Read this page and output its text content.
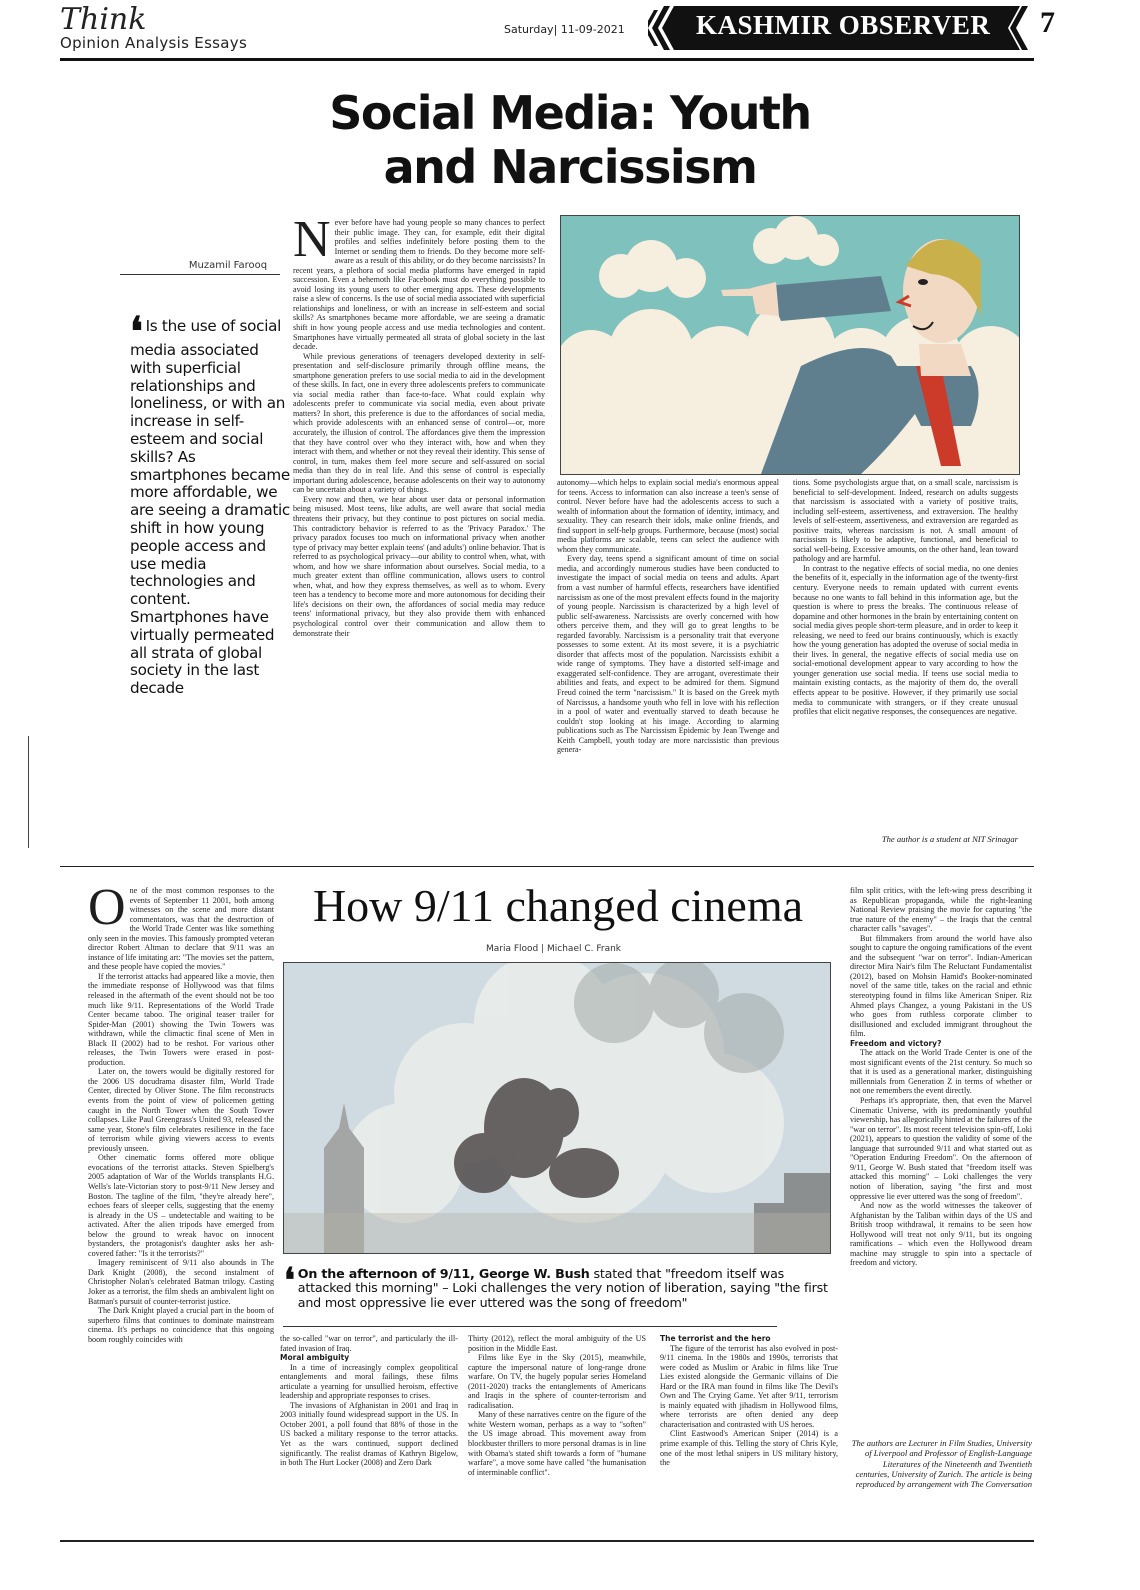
Think
Opinion Analysis Essays
Saturday| 11-09-2021	KASHMIR OBSERVER 7
Social Media: Youth and Narcissism
Muzamil Farooq
❛ Is the use of social media associated with superficial relationships and loneliness, or with an increase in self-esteem and social skills? As smartphones became more affordable, we are seeing a dramatic shift in how young people access and use media technologies and content. Smartphones have virtually permeated all strata of global society in the last decade

Never before have had young people so many chances to perfect their public image. They can, for example, edit their digital profiles and selfies indefinitely before posting them to the Internet or sending them to friends. Do they become more self-aware as a result of this ability, or do they become narcissists? In recent years, a plethora of social media platforms have emerged in rapid succession. Even a behemoth like Facebook must do everything possible to avoid losing its young users to other emerging apps. These developments raise a slew of concerns. Is the use of social media associated with superficial relationships and loneliness, or with an increase in self-esteem and social skills? As smartphones became more affordable, we are seeing a dramatic shift in how young people access and use media technologies and content. Smartphones have virtually permeated all strata of global society in the last decade.

While previous generations of teenagers developed dexterity in self-presentation and self-disclosure primarily through offline means, the smartphone generation prefers to use social media to aid in the development of these skills. In fact, one in every three adolescents prefers to communicate via social media rather than face-to-face. What could explain why adolescents prefer to communicate via social media, even about private matters? In short, this preference is due to the affordances of social media, which provide adolescents with an enhanced sense of control—or, more accurately, the illusion of control. The affordances give them the impression that they have control over who they interact with, how and when they interact with them, and whether or not they reveal their identity. This sense of control, in turn, makes them feel more secure and self-assured on social media than they do in real life. And this sense of control is especially important during adolescence, because adolescents on their way to autonomy can be uncertain about a variety of things.

Every now and then, we hear about user data or personal information being misused. Most teens, like adults, are well aware that social media threatens their privacy, but they continue to post pictures on social media. This contradictory behavior is referred to as the 'Privacy Paradox.' The privacy paradox focuses too much on informational privacy when another type of privacy may better explain teens' (and adults') online behavior. That is referred to as psychological privacy—our ability to control when, what, with whom, and how we share information about ourselves. Social media, to a much greater extent than offline communication, allows users to control when, what, and how they express themselves, as well as to whom. Every teen has a tendency to become more and more autonomous for deciding their life's decisions on their own, the affordances of social media may reduce teens' informational privacy, but they also provide them with enhanced psychological control over their communication and allow them to demonstrate their

autonomy—which helps to explain social media's enormous appeal for teens. Access to information can also increase a teen's sense of control. Never before have had the adolescents access to such a wealth of information about the formation of identity, intimacy, and sexuality. They can research their idols, make online friends, and find support in self-help groups. Furthermore, because (most) social media platforms are scalable, teens can select the audience with whom they communicate.

Every day, teens spend a significant amount of time on social media, and accordingly numerous studies have been conducted to investigate the impact of social media on teens and adults. Apart from a vast number of harmful effects, researchers have identified narcissism as one of the most prevalent effects found in the majority of young people. Narcissism is characterized by a high level of public self-awareness. Narcissists are overly concerned with how others perceive them, and they will go to great lengths to be regarded favorably. Narcissism is a personality trait that everyone possesses to some extent. At its most severe, it is a psychiatric disorder that affects most of the population. Narcissists exhibit a wide range of symptoms. They have a distorted self-image and exaggerated self-confidence. They are arrogant, overestimate their abilities and feats, and expect to be admired for them. Sigmund Freud coined the term "narcissism." It is based on the Greek myth of Narcissus, a handsome youth who fell in love with his reflection in a pool of water and eventually starved to death because he couldn't stop looking at his image. According to alarming publications such as The Narcissism Epidemic by Jean Twenge and Keith Campbell, youth today are more narcissistic than previous genera-

tions. Some psychologists argue that, on a small scale, narcissism is beneficial to self-development. Indeed, research on adults suggests that narcissism is associated with a variety of positive traits, including self-esteem, assertiveness, and extraversion. The healthy levels of self-esteem, assertiveness, and extraversion are regarded as positive traits, whereas narcissism is not. A small amount of narcissism is likely to be adaptive, functional, and beneficial to social well-being. Excessive amounts, on the other hand, lean toward pathology and are harmful.

In contrast to the negative effects of social media, no one denies the benefits of it, especially in the information age of the twenty-first century. Everyone needs to remain updated with current events because no one wants to fall behind in this information age, but the question is where to press the breaks. The continuous release of dopamine and other hormones in the brain by entertaining content on social media gives people short-term pleasure, and in order to keep it releasing, we need to feed our brains continuously, which is exactly how the young generation has adopted the overuse of social media in their lives. In general, the negative effects of social media use on social-emotional development appear to vary according to how the younger generation use social media. If teens use social media to maintain existing contacts, as the majority of them do, the overall effects appear to be positive. However, if they primarily use social media to communicate with strangers, or if they create unusual profiles that elicit negative responses, the consequences are negative.

The author is a student at NIT Srinagar
How 9/11 changed cinema
Maria Flood | Michael C. Frank

One of the most common responses to the events of September 11 2001, both among witnesses on the scene and more distant commentators, was that the destruction of the World Trade Center was like something only seen in the movies. This famously prompted veteran director Robert Altman to declare that 9/11 was an instance of life imitating art: "The movies set the pattern, and these people have copied the movies."

If the terrorist attacks had appeared like a movie, then the immediate response of Hollywood was that films released in the aftermath of the event should not be too much like 9/11. Representations of the World Trade Center became taboo. The original teaser trailer for Spider-Man (2001) showing the Twin Towers was withdrawn, while the climactic final scene of Men in Black II (2002) had to be reshot. For various other releases, the Twin Towers were erased in post-production.

Later on, the towers would be digitally restored for the 2006 US docudrama disaster film, World Trade Center, directed by Oliver Stone. The film reconstructs events from the point of view of policemen getting caught in the North Tower when the South Tower collapses. Like Paul Greengrass's United 93, released the same year, Stone's film celebrates resilience in the face of terrorism while giving viewers access to events previously unseen.

Other cinematic forms offered more oblique evocations of the terrorist attacks. Steven Spielberg's 2005 adaptation of War of the Worlds transplants H.G. Wells's late-Victorian story to post-9/11 New Jersey and Boston. The tagline of the film, "they're already here", echoes fears of sleeper cells, suggesting that the enemy is already in the US – undetectable and waiting to be activated. After the alien tripods have emerged from below the ground to wreak havoc on innocent bystanders, the protagonist's daughter asks her ash-covered father: "Is it the terrorists?"

Imagery reminiscent of 9/11 also abounds in The Dark Knight (2008), the second instalment of Christopher Nolan's celebrated Batman trilogy. Casting Joker as a terrorist, the film sheds an ambivalent light on Batman's pursuit of counter-terrorist justice.

The Dark Knight played a crucial part in the boom of superhero films that continues to dominate mainstream cinema. It's perhaps no coincidence that this ongoing boom roughly coincides with

❛ On the afternoon of 9/11, George W. Bush stated that "freedom itself was attacked this morning" – Loki challenges the very notion of liberation, saying "the first and most oppressive lie ever uttered was the song of freedom"

the so-called "war on terror", and particularly the ill-fated invasion of Iraq.

Moral ambiguity

In a time of increasingly complex geopolitical entanglements and moral failings, these films articulate a yearning for unsullied heroism, effective leadership and appropriate responses to crises.

The invasions of Afghanistan in 2001 and Iraq in 2003 initially found widespread support in the US. In October 2001, a poll found that 88% of those in the US backed a military response to the terror attacks. Yet as the wars continued, support declined significantly. The realist dramas of Kathryn Bigelow, in both The Hurt Locker (2008) and Zero Dark

Thirty (2012), reflect the moral ambiguity of the US position in the Middle East.

Films like Eye in the Sky (2015), meanwhile, capture the impersonal nature of long-range drone warfare. On TV, the hugely popular series Homeland (2011-2020) tracks the entanglements of Americans and Iraqis in the sphere of counter-terrorism and radicalisation.

Many of these narratives centre on the figure of the white Western woman, perhaps as a way to "soften" the US image abroad. This movement away from blockbuster thrillers to more personal dramas is in line with Obama's stated shift towards a form of "humane warfare", a move some have called "the humanisation of interminable conflict".

The terrorist and the hero

The figure of the terrorist has also evolved in post-9/11 cinema. In the 1980s and 1990s, terrorists that were coded as Muslim or Arabic in films like True Lies existed alongside the Germanic villains of Die Hard or the IRA man found in films like The Devil's Own and The Crying Game. Yet after 9/11, terrorism is mainly equated with jihadism in Hollywood films, where terrorists are often denied any deep characterisation and contrasted with US heroes.

Clint Eastwood's American Sniper (2014) is a prime example of this. Telling the story of Chris Kyle, one of the most lethal snipers in US military history, the

film split critics, with the left-wing press describing it as Republican propaganda, while the right-leaning National Review praising the movie for capturing "the true nature of the enemy" – the Iraqis that the central character calls "savages".

But filmmakers from around the world have also sought to capture the ongoing ramifications of the event and the subsequent "war on terror". Indian-American director Mira Nair's film The Reluctant Fundamentalist (2012), based on Mohsin Hamid's Booker-nominated novel of the same title, takes on the racial and ethnic stereotyping found in films like American Sniper. Riz Ahmed plays Changez, a young Pakistani in the US who goes from ruthless corporate climber to disillusioned and excluded immigrant throughout the film.

Freedom and victory?

The attack on the World Trade Center is one of the most significant events of the 21st century. So much so that it is used as a generational marker, distinguishing millennials from Generation Z in terms of whether or not one remembers the event directly.

Perhaps it's appropriate, then, that even the Marvel Cinematic Universe, with its predominantly youthful viewership, has allegorically hinted at the failures of the "war on terror". Its most recent television spin-off, Loki (2021), appears to question the validity of some of the language that surrounded 9/11 and what started out as "Operation Enduring Freedom". On the afternoon of 9/11, George W. Bush stated that "freedom itself was attacked this morning" – Loki challenges the very notion of liberation, saying "the first and most oppressive lie ever uttered was the song of freedom".

And now as the world witnesses the takeover of Afghanistan by the Taliban within days of the US and British troop withdrawal, it remains to be seen how Hollywood will treat not only 9/11, but its ongoing ramifications – which even the Hollywood dream machine may struggle to spin into a spectacle of freedom and victory.

The authors are Lecturer in Film Studies, University of Liverpool and Professor of English-Language Literatures of the Nineteenth and Twentieth centuries, University of Zurich. The article is being reproduced by arrangement with The Conversation
